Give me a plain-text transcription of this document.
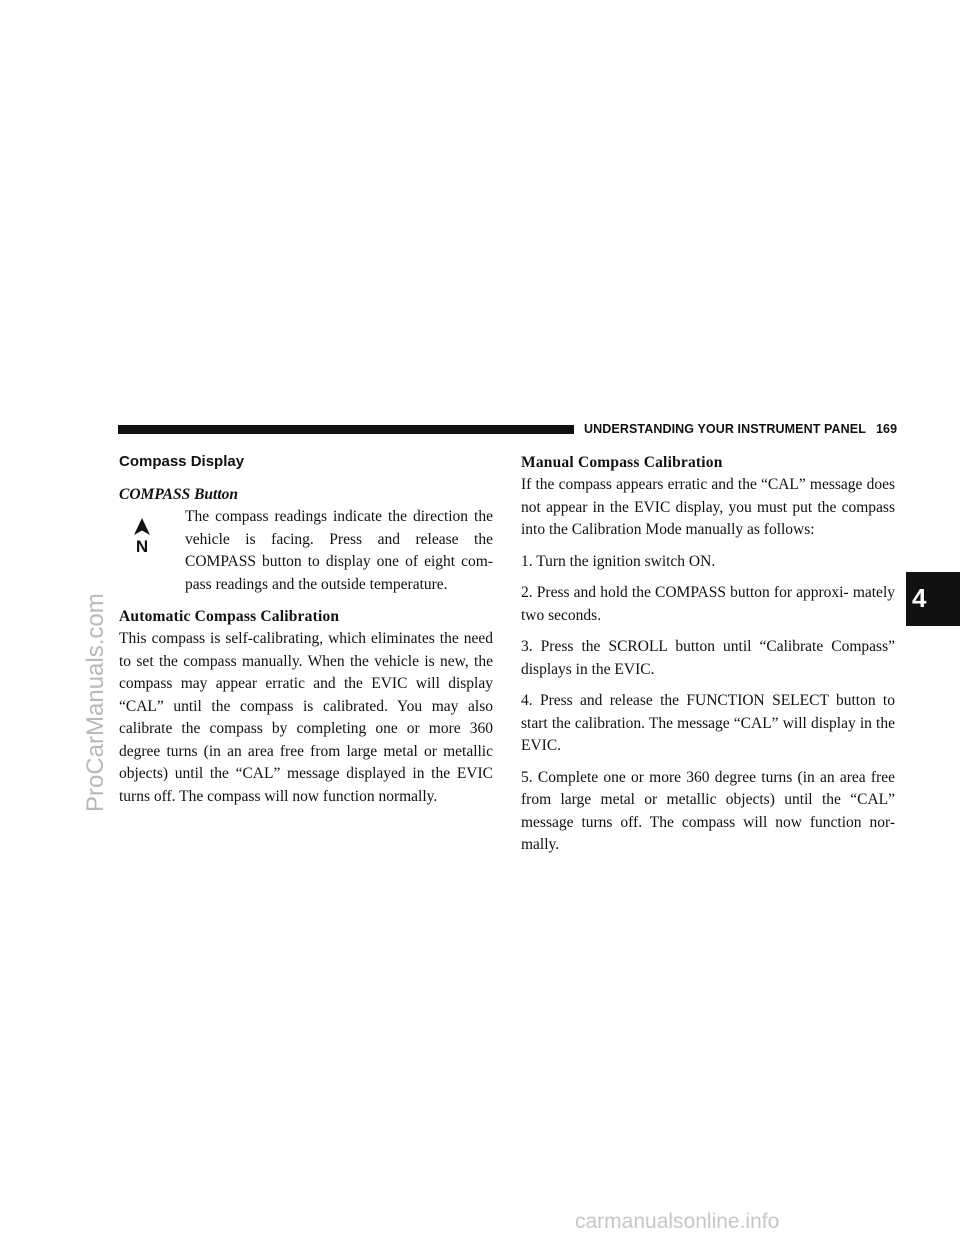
UNDERSTANDING YOUR INSTRUMENT PANEL 169
Compass Display
COMPASS Button
N

The compass readings indicate the direction the vehicle is facing. Press and release the COMPASS button to display one of eight com- pass readings and the outside temperature.

Automatic Compass Calibration

This compass is self-calibrating, which eliminates the need to set the compass manually. When the vehicle is new, the compass may appear erratic and the EVIC will display “CAL” until the compass is calibrated. You may also calibrate the compass by completing one or more 360 degree turns (in an area free from large metal or metallic objects) until the “CAL” message displayed in the EVIC turns off. The compass will now function normally.

Manual Compass Calibration

If the compass appears erratic and the “CAL” message does not appear in the EVIC display, you must put the compass into the Calibration Mode manually as follows:

1. Turn the ignition switch ON.

2. Press and hold the COMPASS button for approxi- mately two seconds.

3. Press the SCROLL button until “Calibrate Compass” displays in the EVIC.

4. Press and release the FUNCTION SELECT button to start the calibration. The message “CAL” will display in the EVIC.

5. Complete one or more 360 degree turns (in an area free from large metal or metallic objects) until the “CAL” message turns off. The compass will now function nor- mally.

4
ProCarManuals.com
carmanualsonline.info
